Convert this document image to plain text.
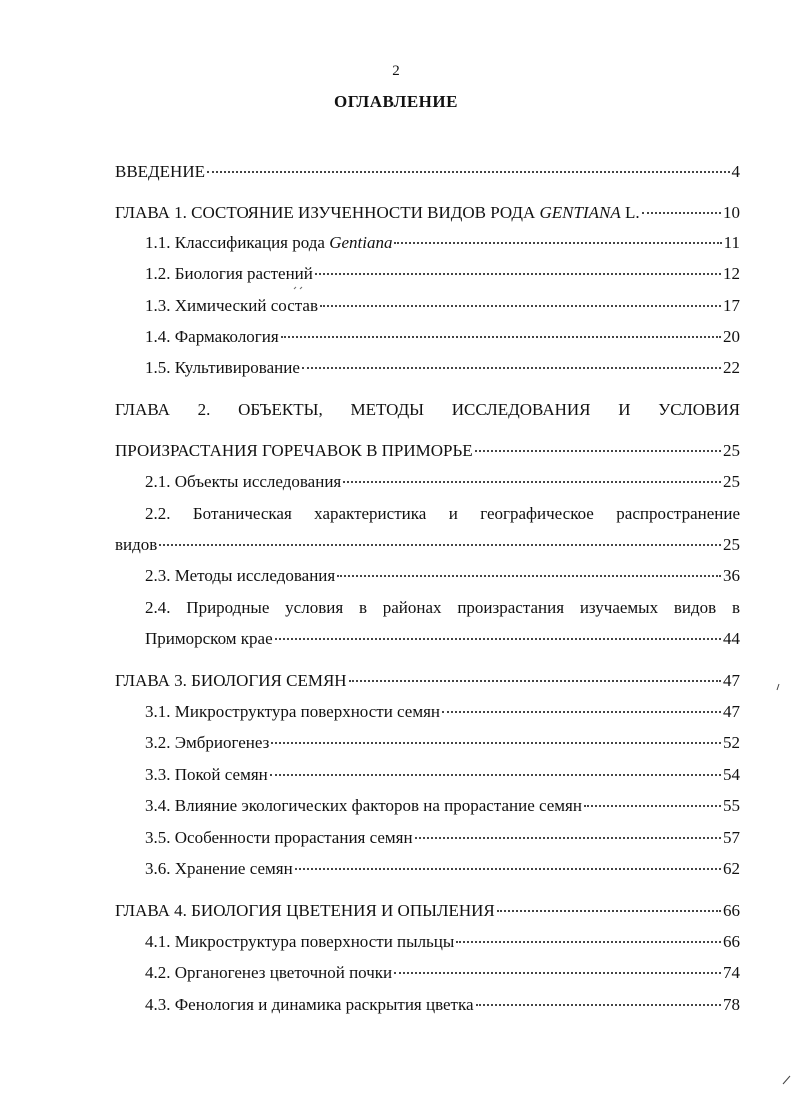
2
ОГЛАВЛЕНИЕ
ВВЕДЕНИЕ	4
ГЛАВА 1. СОСТОЯНИЕ ИЗУЧЕННОСТИ ВИДОВ РОДА GENTIANA L.	10
1.1. Классификация рода Gentiana	11
1.2. Биология растений	12
1.3. Химический состав	17
1.4. Фармакология	20
1.5. Культивирование	22
ГЛАВА 2. ОБЪЕКТЫ, МЕТОДЫ ИССЛЕДОВАНИЯ И УСЛОВИЯ
ПРОИЗРАСТАНИЯ ГОРЕЧАВОК В ПРИМОРЬЕ	25
2.1. Объекты исследования	25
2.2. Ботаническая характеристика и географическое распространение
видов	25
2.3. Методы исследования	36
2.4. Природные условия в районах произрастания изучаемых видов в
Приморском крае	44
ГЛАВА 3. БИОЛОГИЯ СЕМЯН	47
3.1. Микроструктура поверхности семян	47
3.2. Эмбриогенез	52
3.3. Покой семян	54
3.4. Влияние экологических факторов на прорастание семян	55
3.5. Особенности прорастания семян	57
3.6. Хранение семян	62
ГЛАВА 4. БИОЛОГИЯ ЦВЕТЕНИЯ И ОПЫЛЕНИЯ	66
4.1. Микроструктура поверхности пыльцы	66
4.2. Органогенез цветочной почки	74
4.3. Фенология и динамика раскрытия цветка	78
